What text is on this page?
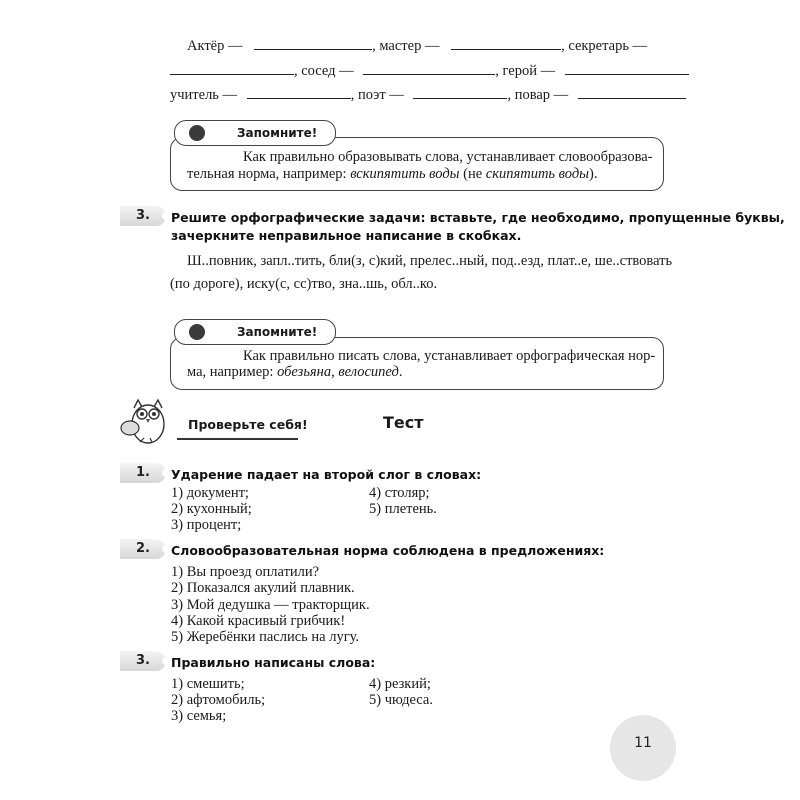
Актёр —	, мастер —	, секретарь —
, сосед —	, герой —
учитель —	, поэт —	, повар —
Запомните!
Как правильно образовывать слова, устанавливает словообразова-
тельная норма, например: вскипятить воды (не скипятить воды).
3.	Решите орфографические задачи: вставьте, где необходимо, пропущенные буквы,
зачеркните неправильное написание в скобках.
Ш..повник, запл..тить, бли(з, с)кий, прелес..ный, под..езд, плат..е, ше..ствовать
(по дороге), иску(с, сс)тво, зна..шь, обл..ко.
Запомните!
Как правильно писать слова, устанавливает орфографическая нор-
ма, например: обезьяна, велосипед.
Проверьте себя!	Тест
1.	Ударение падает на второй слог в словах:
1) документ;
2) кухонный;
3) процент;
4) столяр;
5) плетень.
2.	Словообразовательная норма соблюдена в предложениях:
1) Вы проезд оплатили?
2) Показался акулий плавник.
3) Мой дедушка — тракторщик.
4) Какой красивый грибчик!
5) Жеребёнки паслись на лугу.
3.	Правильно написаны слова:
1) смешить;
2) афтомобиль;
3) семья;
4) резкий;
5) чюдеса.
11
